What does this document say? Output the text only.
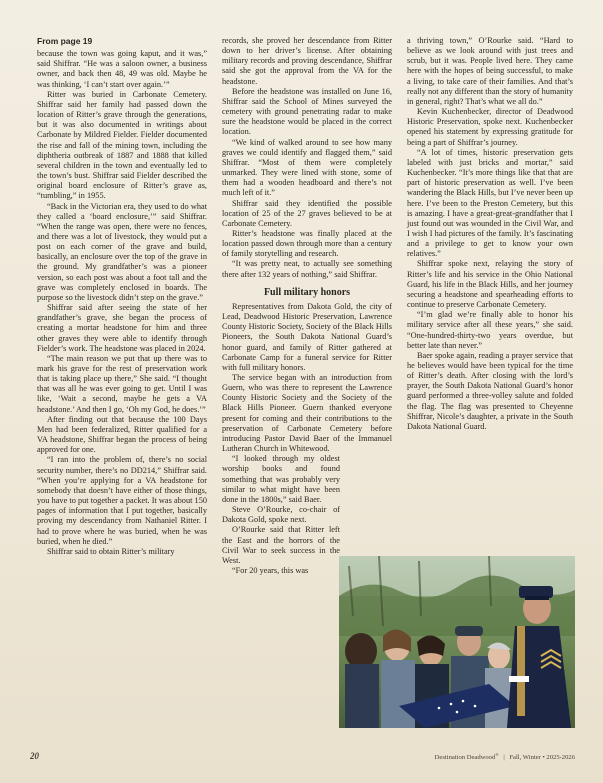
From page 19

because the town was going kaput, and it was,” said Shiffrar. “He was a saloon owner, a business owner, and back then 48, 49 was old. Maybe he was thinking, ‘I can’t start over again.’”

Ritter was buried in Carbonate Cemetery. Shiffrar said her family had passed down the location of Ritter’s grave through the generations, but it was also documented in writings about Carbonate by Mildred Fielder. Fielder documented the rise and fall of the mining town, including the diphtheria outbreak of 1887 and 1888 that killed several children in the town and eventually led to the town’s bust. Shiffrar said Fielder described the original board enclosure of Ritter’s grave as, “tumbling,” in 1955.

“Back in the Victorian era, they used to do what they called a ‘board enclosure,’” said Shiffrar. “When the range was open, there were no fences, and there was a lot of livestock, they would put a post on each corner of the grave and build, basically, an enclosure over the top of the grave in the ground. My grandfather’s was a pioneer version, so each post was about a foot tall and the grave was completely enclosed in boards. The purpose so the livestock didn’t step on the grave.”

Shiffrar said after seeing the state of her grandfather’s grave, she began the process of creating a mortar headstone for him and three other graves they were able to identify through Fielder’s work. The headstone was placed in 2024.

“The main reason we put that up there was to mark his grave for the rest of preservation work that is taking place up there,” She said. “I thought that was all he was ever going to get. Until I was like, ‘Wait a second, maybe he gets a VA headstone.’ And then I go, ‘Oh my God, he does.’”

After finding out that because the 100 Days Men had been federalized, Ritter qualified for a VA headstone, Shiffrar began the process of being approved for one.

“I ran into the problem of, there’s no social security number, there’s no DD214,” Shiffrar said. “When you’re applying for a VA headstone for somebody that doesn’t have either of those things, you have to put together a packet. It was about 150 pages of information that I put together, basically proving my descendancy from Nathaniel Ritter. I had to prove where he was buried, when he was buried, when he died.”

Shiffrar said to obtain Ritter’s military

records, she proved her descendance from Ritter down to her driver’s license. After obtaining military records and proving descendance, Shiffrar said she got the approval from the VA for the headstone.

Before the headstone was installed on June 16, Shiffrar said the School of Mines surveyed the cemetery with ground penetrating radar to make sure the headstone would be placed in the correct location.

“We kind of walked around to see how many graves we could identify and flagged them,” said Shiffrar. “Most of them were completely unmarked. They were lined with stone, some of them had a wooden headboard and there’s not much left of it.”

Shiffrar said they identified the possible location of 25 of the 27 graves believed to be at Carbonate Cemetery.

Ritter’s headstone was finally placed at the location passed down through more than a century of family storytelling and research.

“It was pretty neat, to actually see something there after 132 years of nothing,” said Shiffrar.

Full military honors

Representatives from Dakota Gold, the city of Lead, Deadwood Historic Preservation, Lawrence County Historic Society, Society of the Black Hills Pioneers, the South Dakota National Guard’s honor guard, and family of Ritter gathered at Carbonate Camp for a funeral service for Ritter with full military honors.

The service began with an introduction from Guern, who was there to represent the Lawrence County Historic Society and the Society of the Black Hills Pioneer. Guern thanked everyone present for coming and their contributions to the preservation of Carbonate Cemetery before introducing Pastor David Baer of the Immanuel Lutheran Church in Whitewood.

“I looked through my oldest worship books and found something that was probably very similar to what might have been done in the 1800s,” said Baer.

Steve O’Rourke, co-chair of Dakota Gold, spoke next.

O’Rourke said that Ritter left the East and the horrors of the Civil War to seek success in the West.

“For 20 years, this was

a thriving town,” O’Rourke said. “Hard to believe as we look around with just trees and scrub, but it was. People lived here. They came here with the hopes of being successful, to make a living, to take care of their families. And that’s really not any different than the story of humanity in general, right? That’s what we all do.”

Kevin Kuchenbecker, director of Deadwood Historic Preservation, spoke next. Kuchenbecker opened his statement by expressing gratitude for being a part of Shiffrar’s journey.

“A lot of times, historic preservation gets labeled with just bricks and mortar,” said Kuchenbecker. “It’s more things like that that are part of historic preservation as well. I’ve been wandering the Black Hills, but I’ve never been up here. I’ve been to the Preston Cemetery, but this is amazing. I have a great-great-grandfather that I just found out was wounded in the Civil War, and I wish I had pictures of the family. It’s fascinating and a privilege to get to know your own relatives.”

Shiffrar spoke next, relaying the story of Ritter’s life and his service in the Ohio National Guard, his life in the Black Hills, and her journey securing a headstone and spearheading efforts to continue to preserve Carbonate Cemetery.

“I’m glad we’re finally able to honor his military service after all these years,” she said. “One-hundred-thirty-two years overdue, but better late than never.”

Baer spoke again, reading a prayer service that he believes would have been typical for the time of Ritter’s death. After closing with the lord’s prayer, the South Dakota National Guard’s honor guard performed a three-volley salute and folded the flag. The flag was presented to Cheyenne Shiffrar, Nicole’s daughter, a private in the South Dakota National Guard.

20	Destination Deadwood® | Fall, Winter • 2025-2026
